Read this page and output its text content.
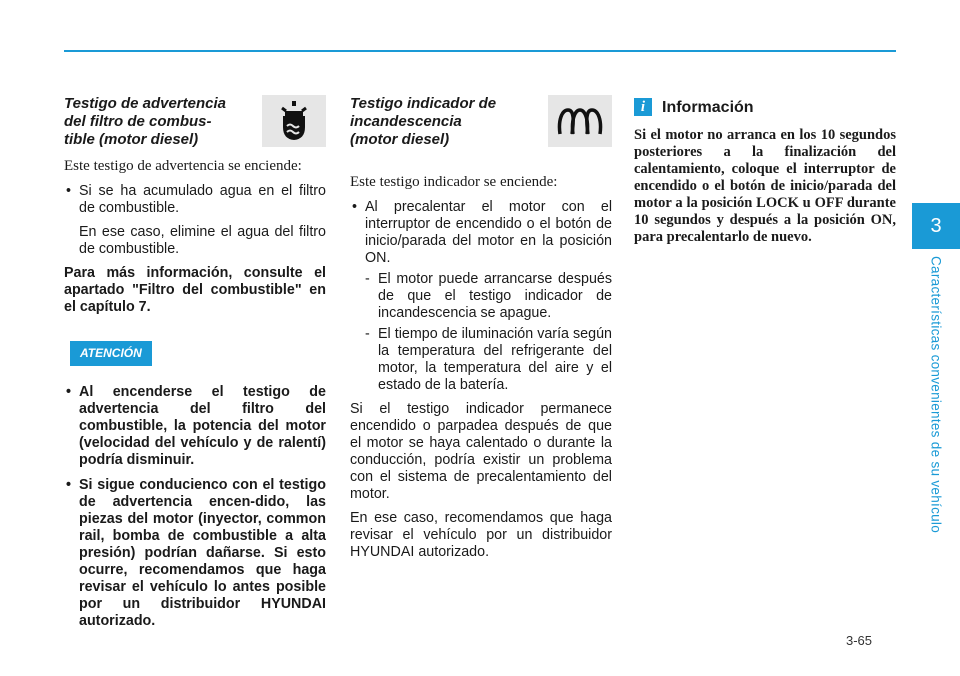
3
Características convenientes de su vehículo
3-65
Testigo de advertencia
del filtro de combus-
tible (motor diesel)
Este testigo de advertencia se enciende:
• Si se ha acumulado agua en el filtro de combustible.
En ese caso, elimine el agua del filtro de combustible.

Para más información, consulte el apartado "Filtro del combustible" en el capítulo 7.

ATENCIÓN
• Al encenderse el testigo de advertencia del filtro del combustible, la potencia del motor (velocidad del vehículo y de ralentí) podría disminuir.
• Si sigue conducienco con el testigo de advertencia encen-dido, las piezas del motor (inyector, common rail, bomba de combustible a alta presión) podrían dañarse. Si esto ocurre, recomendamos que haga revisar el vehículo lo antes posible por un distribuidor HYUNDAI autorizado.
Testigo indicador de
incandescencia
(motor diesel)
Este testigo indicador se enciende:
• Al precalentar el motor con el interruptor de encendido o el botón de inicio/parada del motor en la posición ON.
- El motor puede arrancarse después de que el testigo indicador de incandescencia se apague.
- El tiempo de iluminación varía según la temperatura del refrigerante del motor, la temperatura del aire y el estado de la batería.

Si el testigo indicador permanece encendido o parpadea después de que el motor se haya calentado o durante la conducción, podría existir un problema con el sistema de precalentamiento del motor.

En ese caso, recomendamos que haga revisar el vehículo por un distribuidor HYUNDAI autorizado.

i	Información
Si el motor no arranca en los 10 segundos posteriores a la finalización del calentamiento, coloque el interruptor de encendido o el botón de inicio/parada del motor a la posición LOCK u OFF durante 10 segundos y después a la posición ON, para precalentarlo de nuevo.
